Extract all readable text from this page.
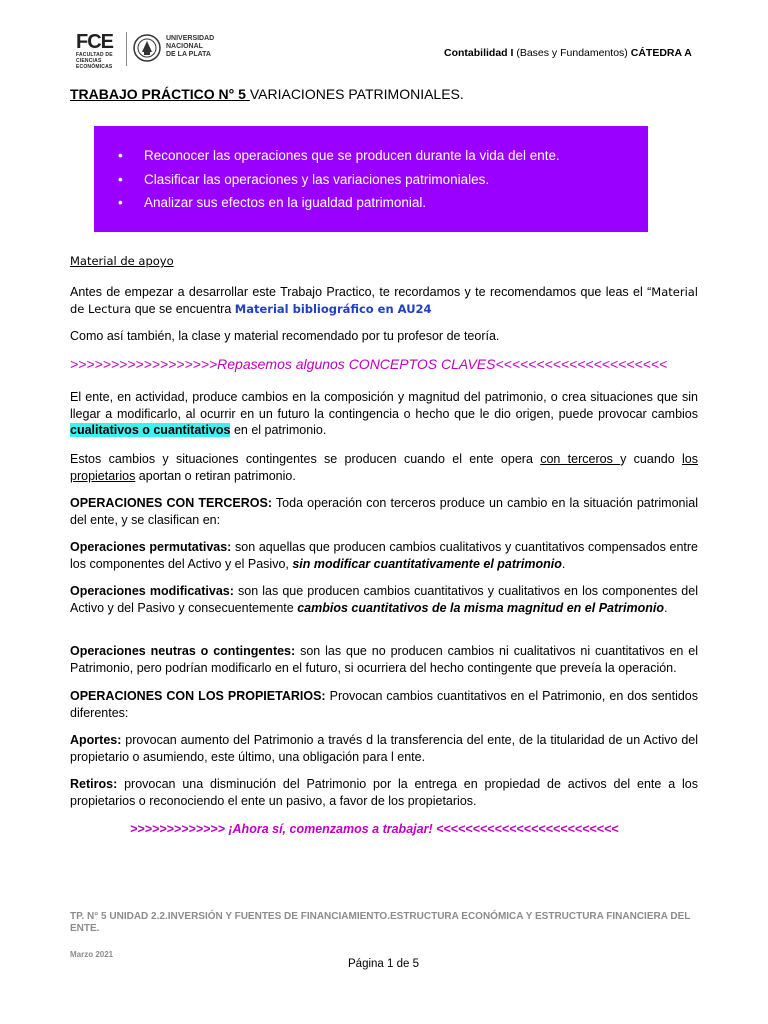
FCE
FACULTAD DE CIENCIAS
ECONÓMICAS
UNIVERSIDAD
NACIONAL
DE LA PLATA	Contabilidad I (Bases y Fundamentos) CÁTEDRA A
TRABAJO PRÁCTICO N° 5 VARIACIONES PATRIMONIALES.
• Reconocer las operaciones que se producen durante la vida del ente.
• Clasificar las operaciones y las variaciones patrimoniales.
• Analizar sus efectos en la igualdad patrimonial.
Material de apoyo
Antes de empezar a desarrollar este Trabajo Practico, te recordamos y te recomendamos que leas el “Material de Lectura que se encuentra Material bibliográfico en AU24
Como así también, la clase y material recomendado por tu profesor de teoría.
>>>>>>>>>>>>>>>>>>Repasemos algunos CONCEPTOS CLAVES<<<<<<<<<<<<<<<<<<<<<
El ente, en actividad, produce cambios en la composición y magnitud del patrimonio, o crea situaciones que sin llegar a modificarlo, al ocurrir en un futuro la contingencia o hecho que le dio origen, puede provocar cambios cualitativos o cuantitativos en el patrimonio.
Estos cambios y situaciones contingentes se producen cuando el ente opera con terceros y cuando los propietarios aportan o retiran patrimonio.
OPERACIONES CON TERCEROS: Toda operación con terceros produce un cambio en la situación patrimonial del ente, y se clasifican en:
Operaciones permutativas: son aquellas que producen cambios cualitativos y cuantitativos compensados entre los componentes del Activo y el Pasivo, sin modificar cuantitativamente el patrimonio.
Operaciones modificativas: son las que producen cambios cuantitativos y cualitativos en los componentes del Activo y del Pasivo y consecuentemente cambios cuantitativos de la misma magnitud en el Patrimonio.
Operaciones neutras o contingentes: son las que no producen cambios ni cualitativos ni cuantitativos en el Patrimonio, pero podrían modificarlo en el futuro, si ocurriera del hecho contingente que preveía la operación.
OPERACIONES CON LOS PROPIETARIOS: Provocan cambios cuantitativos en el Patrimonio, en dos sentidos diferentes:
Aportes: provocan aumento del Patrimonio a través d la transferencia del ente, de la titularidad de un Activo del propietario o asumiendo, este último, una obligación para l ente.
Retiros: provocan una disminución del Patrimonio por la entrega en propiedad de activos del ente a los propietarios o reconociendo el ente un pasivo, a favor de los propietarios.
>>>>>>>>>>>>> ¡Ahora sí, comenzamos a trabajar! <<<<<<<<<<<<<<<<<<<<<<<<<
TP. N° 5 UNIDAD 2.2.INVERSIÓN Y FUENTES DE FINANCIAMIENTO.ESTRUCTURA ECONÓMICA Y ESTRUCTURA FINANCIERA DEL ENTE.
Marzo 2021
Página 1 de 5
